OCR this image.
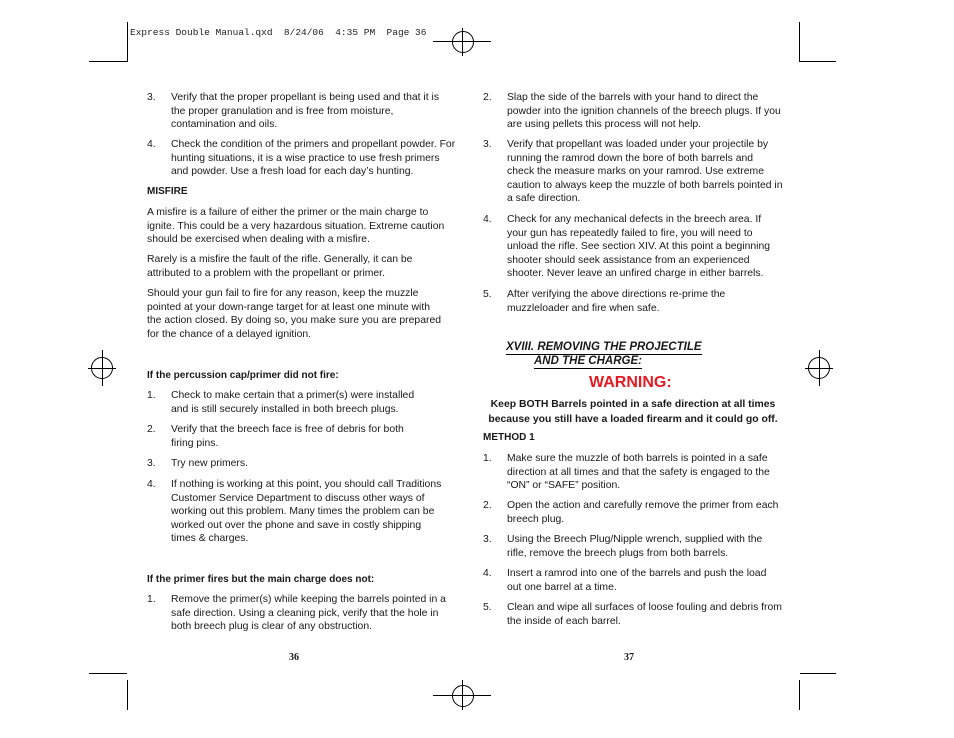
Express Double Manual.qxd  8/24/06  4:35 PM  Page 36
3. Verify that the proper propellant is being used and that it is

the proper granulation and is free from moisture,

contamination and oils.

4. Check the condition of the primers and propellant powder. For

hunting situations, it is a wise practice to use fresh primers

and powder. Use a fresh load for each day’s hunting.

MISFIRE

A misfire is a failure of either the primer or the main charge to

ignite. This could be a very hazardous situation. Extreme caution

should be exercised when dealing with a misfire.

Rarely is a misfire the fault of the rifle. Generally, it can be

attributed to a problem with the propellant or primer.

Should your gun fail to fire for any reason, keep the muzzle

pointed at your down-range target for at least one minute with

the action closed. By doing so, you make sure you are prepared

for the chance of a delayed ignition.

If the percussion cap/primer did not fire:
1. Check to make certain that a primer(s) were installed

and is still securely installed in both breech plugs.

2. Verify that the breech face is free of debris for both

firing pins.

3. Try new primers.

4. If nothing is working at this point, you should call Traditions

Customer Service Department to discuss other ways of

working out this problem. Many times the problem can be

worked out over the phone and save in costly shipping

times & charges.

If the primer fires but the main charge does not:
1. Remove the primer(s) while keeping the barrels pointed in a

safe direction. Using a cleaning pick, verify that the hole in

both breech plug is clear of any obstruction.

36
2. Slap the side of the barrels with your hand to direct the

powder into the ignition channels of the breech plugs. If you

are using pellets this process will not help.

3. Verify that propellant was loaded under your projectile by

running the ramrod down the bore of both barrels and

check the measure marks on your ramrod. Use extreme

caution to always keep the muzzle of both barrels pointed in

a safe direction.

4. Check for any mechanical defects in the breech area. If

your gun has repeatedly failed to fire, you will need to

unload the rifle. See section XIV. At this point a beginning

shooter should seek assistance from an experienced

shooter. Never leave an unfired charge in either barrels.

5. After verifying the above directions re-prime the

muzzleloader and fire when safe.

XVIII. REMOVING THE PROJECTILE
AND THE CHARGE:
WARNING:

Keep BOTH Barrels pointed in a safe direction at all times

because you still have a loaded firearm and it could go off.

METHOD 1
1. Make sure the muzzle of both barrels is pointed in a safe

direction at all times and that the safety is engaged to the

“ON” or “SAFE” position.

2. Open the action and carefully remove the primer from each

breech plug.

3. Using the Breech Plug/Nipple wrench, supplied with the

rifle, remove the breech plugs from both barrels.

4. Insert a ramrod into one of the barrels and push the load

out one barrel at a time.

5. Clean and wipe all surfaces of loose fouling and debris from

the inside of each barrel.

37
